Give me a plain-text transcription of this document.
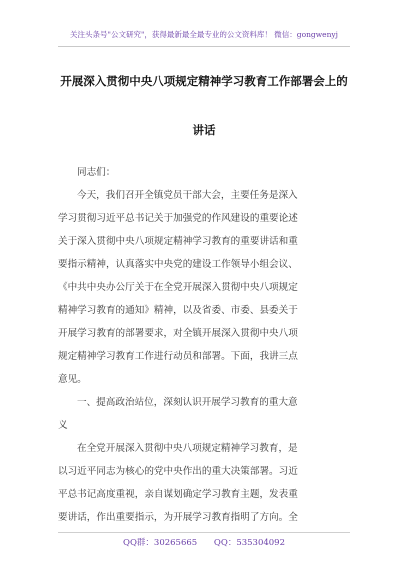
关注头条号"公文研究"，获得最新最全最专业的公文资料库！ 微信：gongwenyj
开展深入贯彻中央八项规定精神学习教育工作部署会上的
讲话
同志们：
今天，我们召开全镇党员干部大会，主要任务是深入
学习贯彻习近平总书记关于加强党的作风建设的重要论述
关于深入贯彻中央八项规定精神学习教育的重要讲话和重
要指示精神，认真落实中央党的建设工作领导小组会议、
《中共中央办公厅关于在全党开展深入贯彻中央八项规定
精神学习教育的通知》精神，以及省委、市委、县委关于
开展学习教育的部署要求，对全镇开展深入贯彻中央八项
规定精神学习教育工作进行动员和部署。下面，我讲三点
意见。
一、提高政治站位，深刻认识开展学习教育的重大意
义
在全党开展深入贯彻中央八项规定精神学习教育，是
以习近平同志为核心的党中央作出的重大决策部署。习近
平总书记高度重视，亲自谋划确定学习教育主题，发表重
要讲话，作出重要指示，为开展学习教育指明了方向。全
QQ群：30265665 QQ：535304092
